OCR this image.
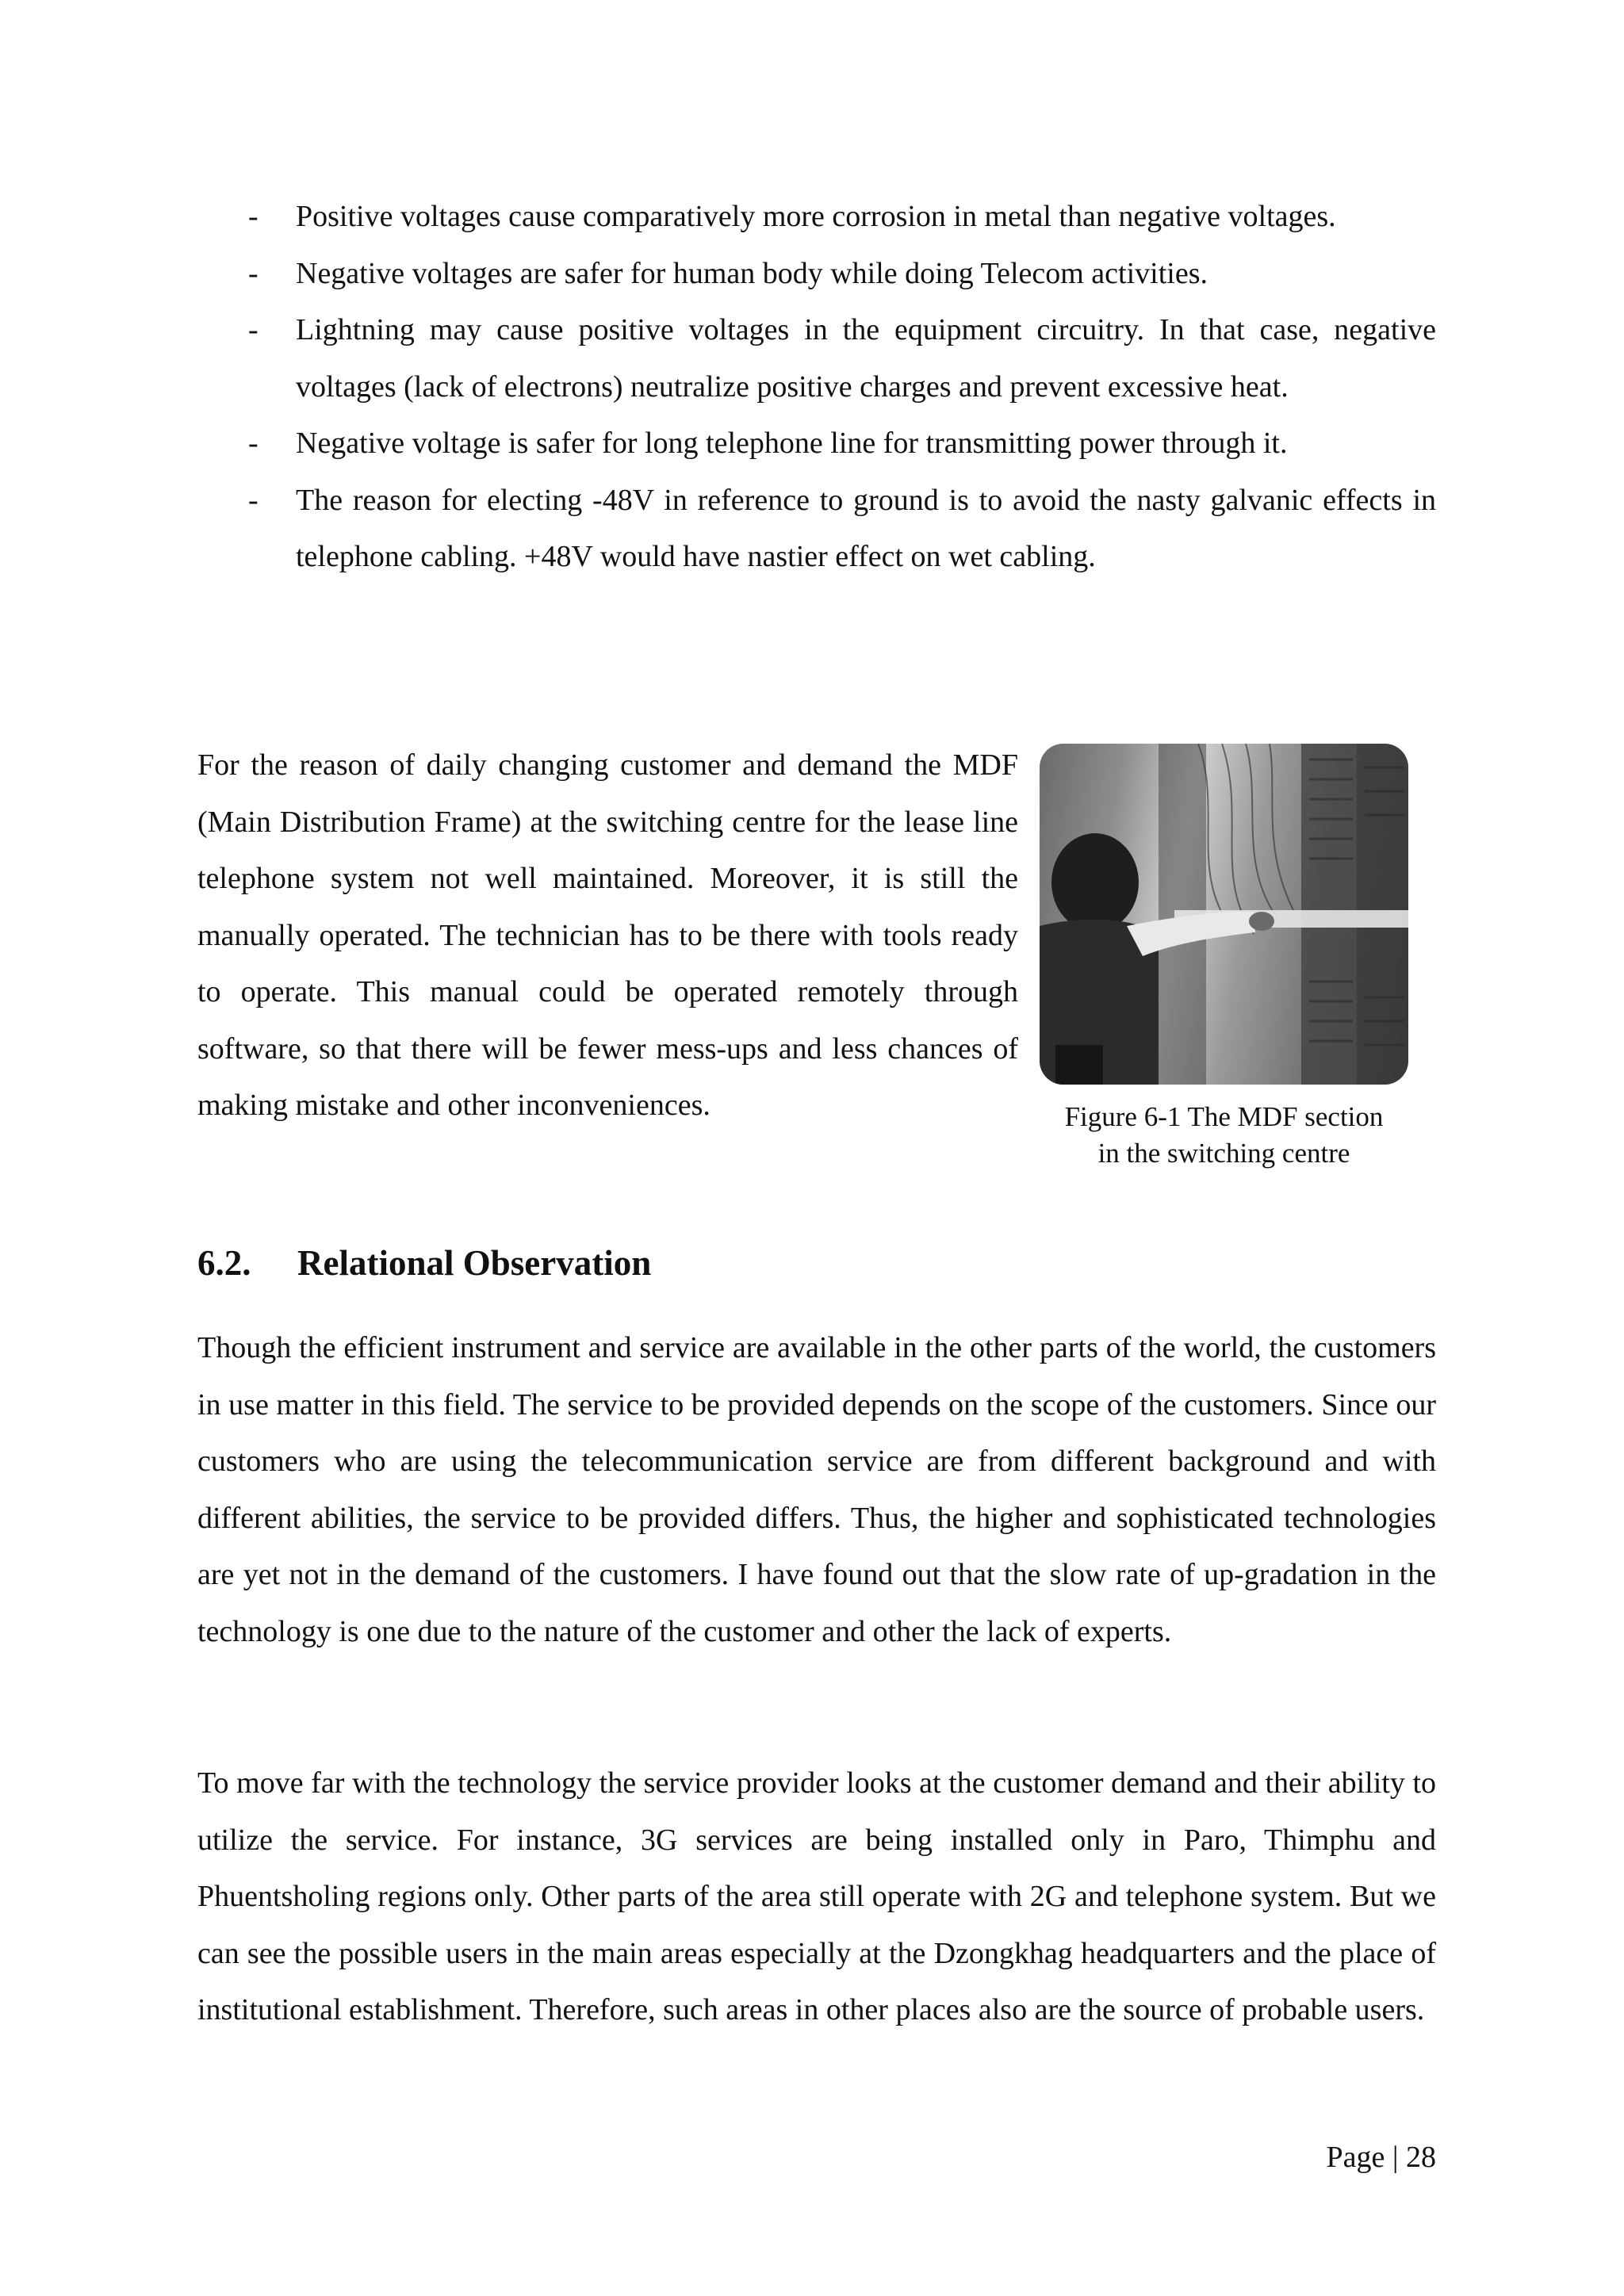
- Positive voltages cause comparatively more corrosion in metal than negative voltages.
- Negative voltages are safer for human body while doing Telecom activities.
- Lightning may cause positive voltages in the equipment circuitry. In that case, negative voltages (lack of electrons) neutralize positive charges and prevent excessive heat.
- Negative voltage is safer for long telephone line for transmitting power through it.
- The reason for electing -48V in reference to ground is to avoid the nasty galvanic effects in telephone cabling. +48V would have nastier effect on wet cabling.

For the reason of daily changing customer and demand the MDF (Main Distribution Frame) at the switching centre for the lease line telephone system not well maintained. Moreover, it is still the manually operated. The technician has to be there with tools ready to operate. This manual could be operated remotely through software, so that there will be fewer mess-ups and less chances of making mistake and other inconveniences.	Figure 6-1 The MDF section
in the switching centre
6.2. Relational Observation

Though the efficient instrument and service are available in the other parts of the world, the customers in use matter in this field. The service to be provided depends on the scope of the customers. Since our customers who are using the telecommunication service are from different background and with different abilities, the service to be provided differs. Thus, the higher and sophisticated technologies are yet not in the demand of the customers. I have found out that the slow rate of up-gradation in the technology is one due to the nature of the customer and other the lack of experts.

To move far with the technology the service provider looks at the customer demand and their ability to utilize the service. For instance, 3G services are being installed only in Paro, Thimphu and Phuentsholing regions only. Other parts of the area still operate with 2G and telephone system. But we can see the possible users in the main areas especially at the Dzongkhag headquarters and the place of institutional establishment. Therefore, such areas in other places also are the source of probable users.

Page | 28
